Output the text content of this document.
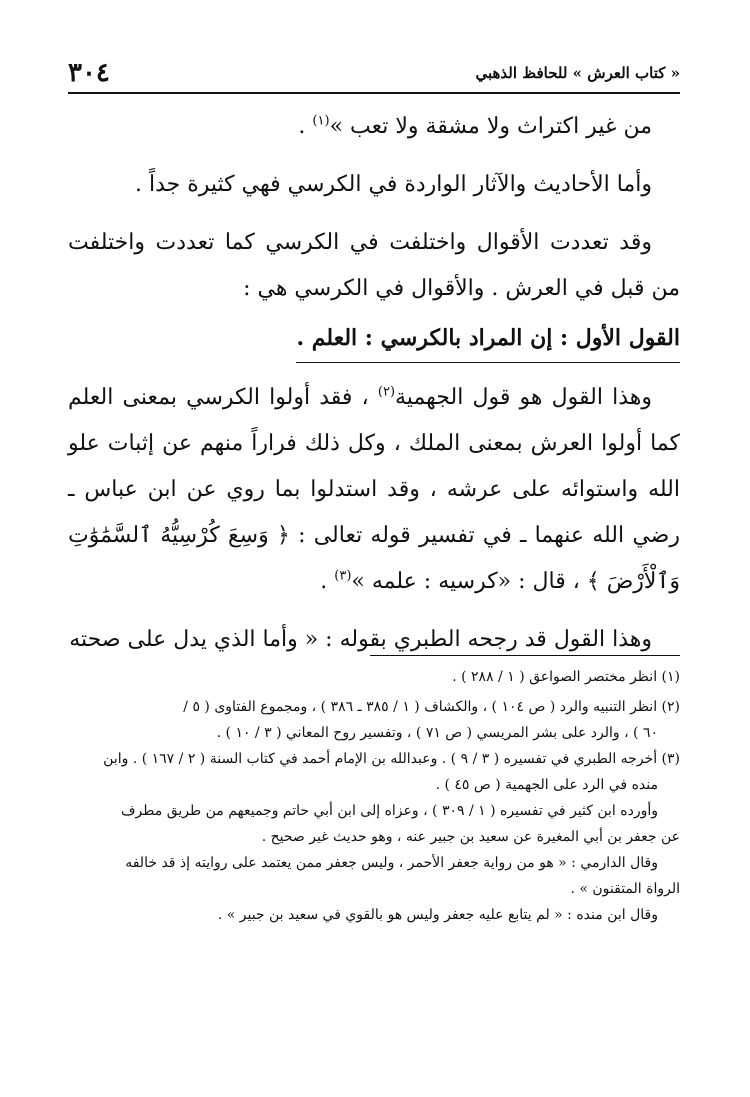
٣٠٤	« كتاب العرش » للحافظ الذهبي

من غير اكتراث ولا مشقة ولا تعب »$^{(١)}$ .

وأما الأحاديث والآثار الواردة في الكرسي فهي كثيرة جداً .

وقد تعددت الأقوال واختلفت في الكرسي كما تعددت واختلفت من قبل في العرش . والأقوال في الكرسي هي :

القول الأول : إن المراد بالكرسي : العلم .

وهذا القول هو قول الجهمية$^{(٢)}$ ، فقد أولوا الكرسي بمعنى العلم كما أولوا العرش بمعنى الملك ، وكل ذلك فراراً منهم عن إثبات علو الله واستوائه على عرشه ، وقد استدلوا بما روي عن ابن عباس ـ رضي الله عنهما ـ في تفسير قوله تعالى : ﴿ وَسِعَ كُرْسِيُّهُ ٱلسَّمَٰوَٰتِ وَٱلْأَرْضَ ﴾ ، قال : «كرسيه : علمه »$^{(٣)}$ .

وهذا القول قد رجحه الطبري بقوله : « وأما الذي يدل على صحته

(١) انظر مختصر الصواعق ( ١ / ٢٨٨ ) .

(٢) انظر التنبيه والرد ( ص ١٠٤ ) ، والكشاف ( ١ / ٣٨٥ ـ ٣٨٦ ) ، ومجموع الفتاوى ( ٥ /

٦٠ ) ، والرد على بشر المريسي ( ص ٧١ ) ، وتفسير روح المعاني ( ٣ / ١٠ ) .

(٣) أخرجه الطبري في تفسيره ( ٣ / ٩ ) . وعبدالله بن الإمام أحمد في كتاب السنة ( ٢ / ١٦٧ ) . وابن

منده في الرد على الجهمية ( ص ٤٥ ) .

وأورده ابن كثير في تفسيره ( ١ / ٣٠٩ ) ، وعزاه إلى ابن أبي حاتم وجميعهم من طريق مطرف

عن جعفر بن أبي المغيرة عن سعيد بن جبير عنه ، وهو حديث غير صحيح .

وقال الدارمي : « هو من رواية جعفر الأحمر ، وليس جعفر ممن يعتمد على روايته إذ قد خالفه

الرواة المتقنون » .

وقال ابن منده : « لم يتابع عليه جعفر وليس هو بالقوي في سعيد بن جبير » .
